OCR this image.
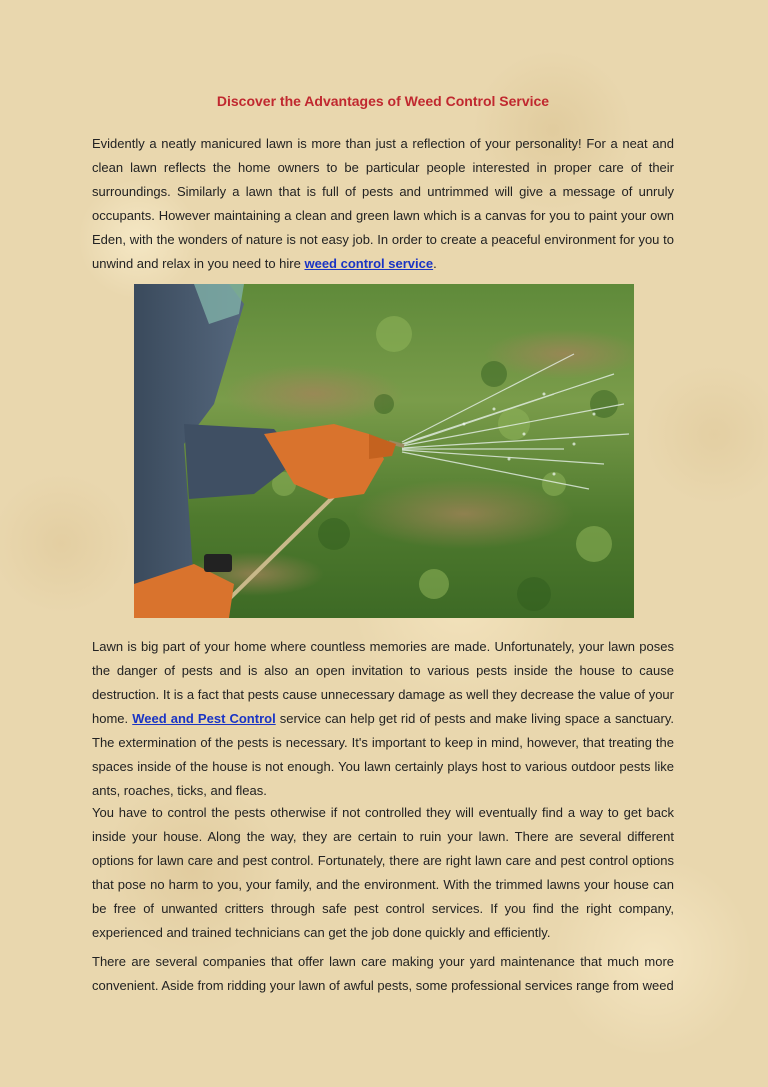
Discover the Advantages of Weed Control Service

Evidently a neatly manicured lawn is more than just a reflection of your personality! For a neat and clean lawn reflects the home owners to be particular people interested in proper care of their surroundings. Similarly a lawn that is full of pests and untrimmed will give a message of unruly occupants. However maintaining a clean and green lawn which is a canvas for you to paint your own Eden, with the wonders of nature is not easy job. In order to create a peaceful environment for you to unwind and relax in you need to hire weed control service.

Lawn is big part of your home where countless memories are made. Unfortunately, your lawn poses the danger of pests and is also an open invitation to various pests inside the house to cause destruction. It is a fact that pests cause unnecessary damage as well they decrease the value of your home. Weed and Pest Control service can help get rid of pests and make living space a sanctuary. The extermination of the pests is necessary. It's important to keep in mind, however, that treating the spaces inside of the house is not enough. You lawn certainly plays host to various outdoor pests like ants, roaches, ticks, and fleas.

You have to control the pests otherwise if not controlled they will eventually find a way to get back inside your house. Along the way, they are certain to ruin your lawn. There are several different options for lawn care and pest control. Fortunately, there are right lawn care and pest control options that pose no harm to you, your family, and the environment. With the trimmed lawns your house can be free of unwanted critters through safe pest control services. If you find the right company, experienced and trained technicians can get the job done quickly and efficiently.

There are several companies that offer lawn care making your yard maintenance that much more convenient. Aside from ridding your lawn of awful pests, some professional services range from weed
